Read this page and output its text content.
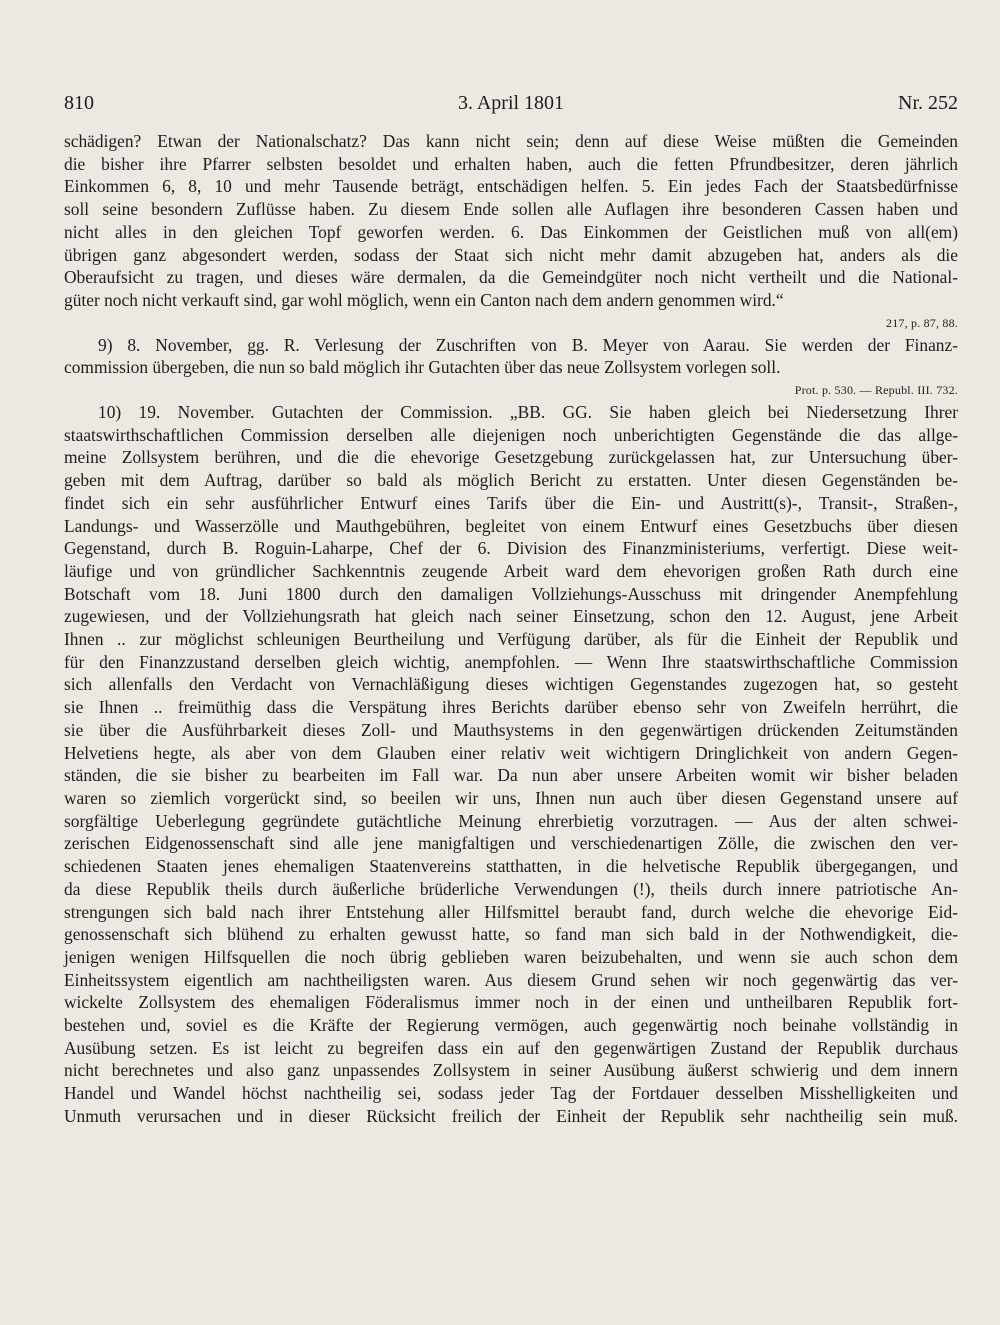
810	3. April 1801	Nr. 252
schädigen? Etwan der Nationalschatz? Das kann nicht sein; denn auf diese Weise müßten die Gemeinden
die bisher ihre Pfarrer selbsten besoldet und erhalten haben, auch die fetten Pfrundbesitzer, deren jährlich
Einkommen 6, 8, 10 und mehr Tausende beträgt, entschädigen helfen. 5. Ein jedes Fach der Staatsbedürfnisse
soll seine besondern Zuflüsse haben. Zu diesem Ende sollen alle Auflagen ihre besonderen Cassen haben und
nicht alles in den gleichen Topf geworfen werden. 6. Das Einkommen der Geistlichen muß von all(em)
übrigen ganz abgesondert werden, sodass der Staat sich nicht mehr damit abzugeben hat, anders als die
Oberaufsicht zu tragen, und dieses wäre dermalen, da die Gemeindgüter noch nicht vertheilt und die National-
güter noch nicht verkauft sind, gar wohl möglich, wenn ein Canton nach dem andern genommen wird.“
217, p. 87, 88.
9) 8. November, gg. R. Verlesung der Zuschriften von B. Meyer von Aarau. Sie werden der Finanz-
commission übergeben, die nun so bald möglich ihr Gutachten über das neue Zollsystem vorlegen soll.
Prot. p. 530. — Republ. III. 732.
10) 19. November. Gutachten der Commission. „BB. GG. Sie haben gleich bei Niedersetzung Ihrer
staatswirthschaftlichen Commission derselben alle diejenigen noch unberichtigten Gegenstände die das allge-
meine Zollsystem berühren, und die die ehevorige Gesetzgebung zurückgelassen hat, zur Untersuchung über-
geben mit dem Auftrag, darüber so bald als möglich Bericht zu erstatten. Unter diesen Gegenständen be-
findet sich ein sehr ausführlicher Entwurf eines Tarifs über die Ein- und Austritt(s)-, Transit-, Straßen-,
Landungs- und Wasserzölle und Mauthgebühren, begleitet von einem Entwurf eines Gesetzbuchs über diesen
Gegenstand, durch B. Roguin-Laharpe, Chef der 6. Division des Finanzministeriums, verfertigt. Diese weit-
läufige und von gründlicher Sachkenntnis zeugende Arbeit ward dem ehevorigen großen Rath durch eine
Botschaft vom 18. Juni 1800 durch den damaligen Vollziehungs-Ausschuss mit dringender Anempfehlung
zugewiesen, und der Vollziehungsrath hat gleich nach seiner Einsetzung, schon den 12. August, jene Arbeit
Ihnen .. zur möglichst schleunigen Beurtheilung und Verfügung darüber, als für die Einheit der Republik und
für den Finanzzustand derselben gleich wichtig, anempfohlen. — Wenn Ihre staatswirthschaftliche Commission
sich allenfalls den Verdacht von Vernachläßigung dieses wichtigen Gegenstandes zugezogen hat, so gesteht
sie Ihnen .. freimüthig dass die Verspätung ihres Berichts darüber ebenso sehr von Zweifeln herrührt, die
sie über die Ausführbarkeit dieses Zoll- und Mauthsystems in den gegenwärtigen drückenden Zeitumständen
Helvetiens hegte, als aber von dem Glauben einer relativ weit wichtigern Dringlichkeit von andern Gegen-
ständen, die sie bisher zu bearbeiten im Fall war. Da nun aber unsere Arbeiten womit wir bisher beladen
waren so ziemlich vorgerückt sind, so beeilen wir uns, Ihnen nun auch über diesen Gegenstand unsere auf
sorgfältige Ueberlegung gegründete gutächtliche Meinung ehrerbietig vorzutragen. — Aus der alten schwei-
zerischen Eidgenossenschaft sind alle jene manigfaltigen und verschiedenartigen Zölle, die zwischen den ver-
schiedenen Staaten jenes ehemaligen Staatenvereins statthatten, in die helvetische Republik übergegangen, und
da diese Republik theils durch äußerliche brüderliche Verwendungen (!), theils durch innere patriotische An-
strengungen sich bald nach ihrer Entstehung aller Hilfsmittel beraubt fand, durch welche die ehevorige Eid-
genossenschaft sich blühend zu erhalten gewusst hatte, so fand man sich bald in der Nothwendigkeit, die-
jenigen wenigen Hilfsquellen die noch übrig geblieben waren beizubehalten, und wenn sie auch schon dem
Einheitssystem eigentlich am nachtheiligsten waren. Aus diesem Grund sehen wir noch gegenwärtig das ver-
wickelte Zollsystem des ehemaligen Föderalismus immer noch in der einen und untheilbaren Republik fort-
bestehen und, soviel es die Kräfte der Regierung vermögen, auch gegenwärtig noch beinahe vollständig in
Ausübung setzen. Es ist leicht zu begreifen dass ein auf den gegenwärtigen Zustand der Republik durchaus
nicht berechnetes und also ganz unpassendes Zollsystem in seiner Ausübung äußerst schwierig und dem innern
Handel und Wandel höchst nachtheilig sei, sodass jeder Tag der Fortdauer desselben Misshelligkeiten und
Unmuth verursachen und in dieser Rücksicht freilich der Einheit der Republik sehr nachtheilig sein muß.
